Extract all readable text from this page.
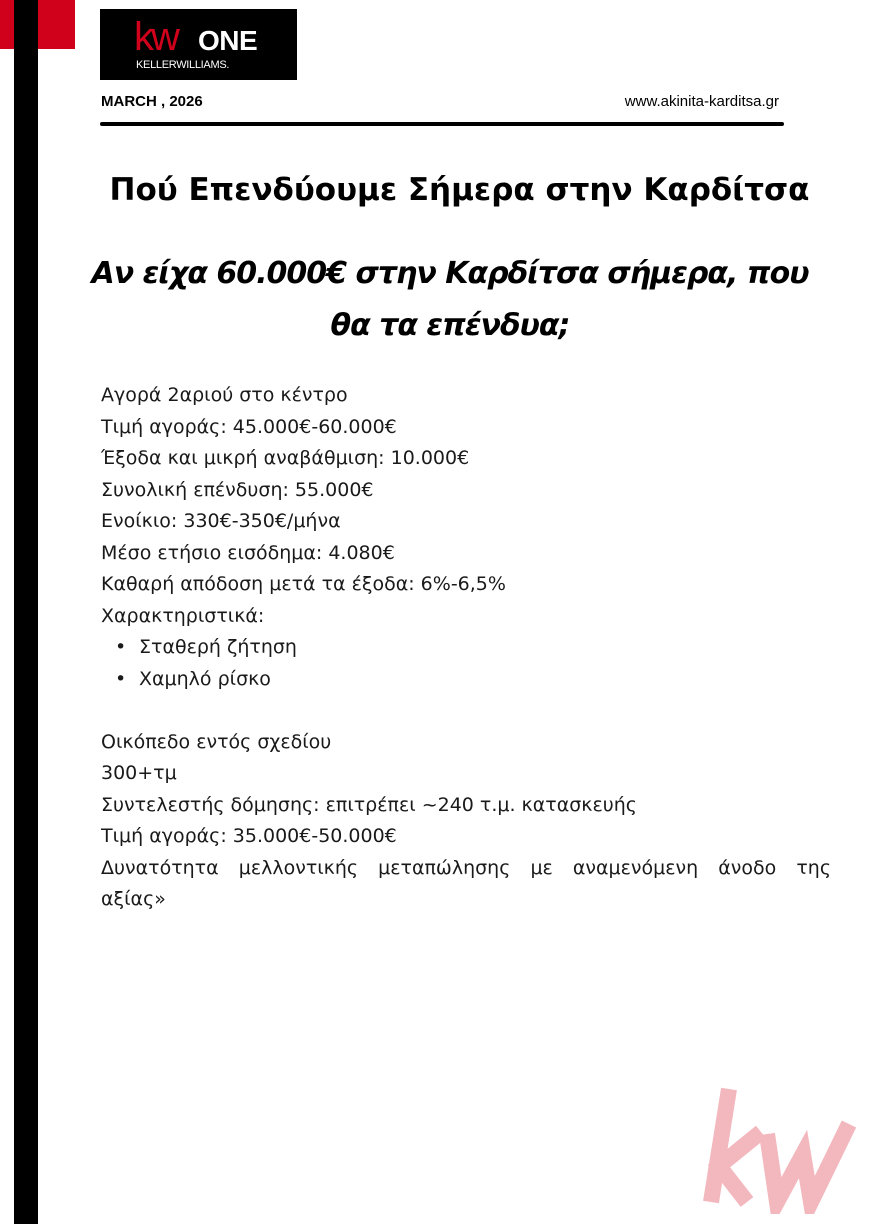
kw ONE
KELLERWILLIAMS.
MARCH , 2026	www.akinita-karditsa.gr
Πού Επενδύουμε Σήμερα στην Καρδίτσα
Αν είχα 60.000€ στην Καρδίτσα σήμερα, που
θα τα επένδυα;
Αγορά 2αριού στο κέντρο
Τιμή αγοράς: 45.000€-60.000€
Έξοδα και μικρή αναβάθμιση: 10.000€
Συνολική επένδυση: 55.000€
Ενοίκιο: 330€-350€/μήνα
Μέσο ετήσιο εισόδημα: 4.080€
Καθαρή απόδοση μετά τα έξοδα: 6%-6,5%
Χαρακτηριστικά:
• Σταθερή ζήτηση
• Χαμηλό ρίσκο
Οικόπεδο εντός σχεδίου
300+τμ
Συντελεστής δόμησης: επιτρέπει ~240 τ.μ. κατασκευής
Τιμή αγοράς: 35.000€-50.000€
Δυνατότητα μελλοντικής μεταπώλησης με αναμενόμενη άνοδο της αξίας»
